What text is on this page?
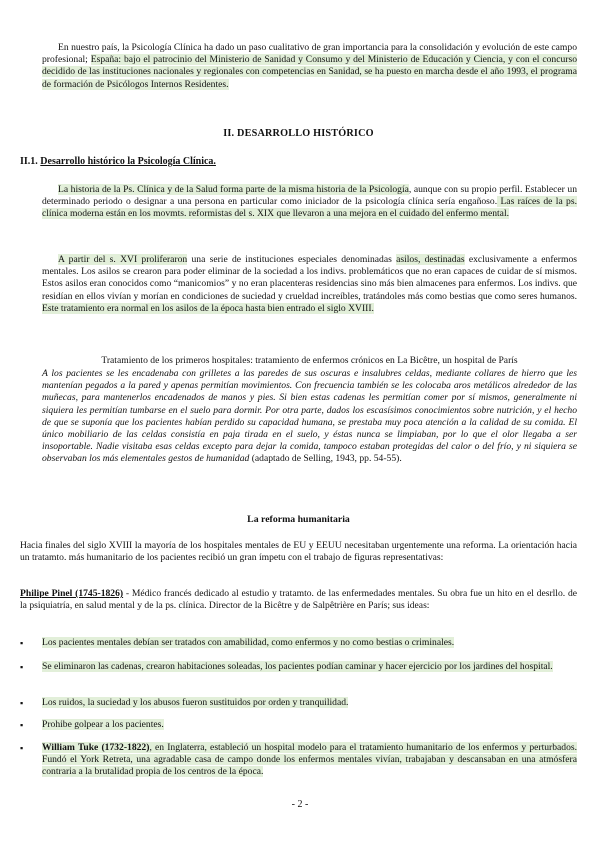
En nuestro país, la Psicología Clínica ha dado un paso cualitativo de gran importancia para la consolidación y evolución de este campo profesional; España: bajo el patrocinio del Ministerio de Sanidad y Consumo y del Ministerio de Educación y Ciencia, y con el concurso decidido de las instituciones nacionales y regionales con competencias en Sanidad, se ha puesto en marcha desde el año 1993, el programa de formación de Psicólogos Internos Residentes.
II. DESARROLLO HISTÓRICO
II.1. Desarrollo histórico la Psicología Clínica.
La historia de la Ps. Clínica y de la Salud forma parte de la misma historia de la Psicología, aunque con su propio perfil. Establecer un determinado periodo o designar a una persona en particular como iniciador de la psicología clínica sería engañoso. Las raíces de la ps. clínica moderna están en los movmts. reformistas del s. XIX que llevaron a una mejora en el cuidado del enfermo mental.
A partir del s. XVI proliferaron una serie de instituciones especiales denominadas asilos, destinadas exclusivamente a enfermos mentales. Los asilos se crearon para poder eliminar de la sociedad a los indivs. problemáticos que no eran capaces de cuidar de sí mismos. Estos asilos eran conocidos como “manicomios” y no eran placenteras residencias sino más bien almacenes para enfermos. Los indivs. que residían en ellos vivían y morían en condiciones de suciedad y crueldad increíbles, tratándoles más como bestias que como seres humanos. Este tratamiento era normal en los asilos de la época hasta bien entrado el siglo XVIII.
Tratamiento de los primeros hospitales: tratamiento de enfermos crónicos en La Bicêtre, un hospital de París
A los pacientes se les encadenaba con grilletes a las paredes de sus oscuras e insalubres celdas, mediante collares de hierro que les mantenían pegados a la pared y apenas permitían movimientos. Con frecuencia también se les colocaba aros metálicos alrededor de las muñecas, para mantenerlos encadenados de manos y pies. Si bien estas cadenas les permitían comer por sí mismos, generalmente ni siquiera les permitían tumbarse en el suelo para dormir. Por otra parte, dados los escasísimos conocimientos sobre nutrición, y el hecho de que se suponía que los pacientes habían perdido su capacidad humana, se prestaba muy poca atención a la calidad de su comida. El único mobiliario de las celdas consistía en paja tirada en el suelo, y éstas nunca se limpiaban, por lo que el olor llegaba a ser insoportable. Nadie visitaba esas celdas excepto para dejar la comida, tampoco estaban protegidas del calor o del frío, y ni siquiera se observaban los más elementales gestos de humanidad (adaptado de Selling, 1943, pp. 54-55).
La reforma humanitaria
Hacia finales del siglo XVIII la mayoría de los hospitales mentales de EU y EEUU necesitaban urgentemente una reforma. La orientación hacia un tratamto. más humanitario de los pacientes recibió un gran ímpetu con el trabajo de figuras representativas:
Philipe Pinel (1745-1826) - Médico francés dedicado al estudio y tratamto. de las enfermedades mentales. Su obra fue un hito en el desrllo. de la psiquiatría, en salud mental y de la ps. clínica. Director de la Bicêtre y de Salpêtrière en París; sus ideas:
▪	Los pacientes mentales debían ser tratados con amabilidad, como enfermos y no como bestias o criminales.
▪	Se eliminaron las cadenas, crearon habitaciones soleadas, los pacientes podían caminar y hacer ejercicio por los jardines del hospital.
▪	Los ruidos, la suciedad y los abusos fueron sustituidos por orden y tranquilidad.
▪	Prohibe golpear a los pacientes.
▪	William Tuke (1732-1822), en Inglaterra, estableció un hospital modelo para el tratamiento humanitario de los enfermos y perturbados. Fundó el York Retreta, una agradable casa de campo donde los enfermos mentales vivían, trabajaban y descansaban en una atmósfera contraria a la brutalidad propia de los centros de la época.
- 2 -
